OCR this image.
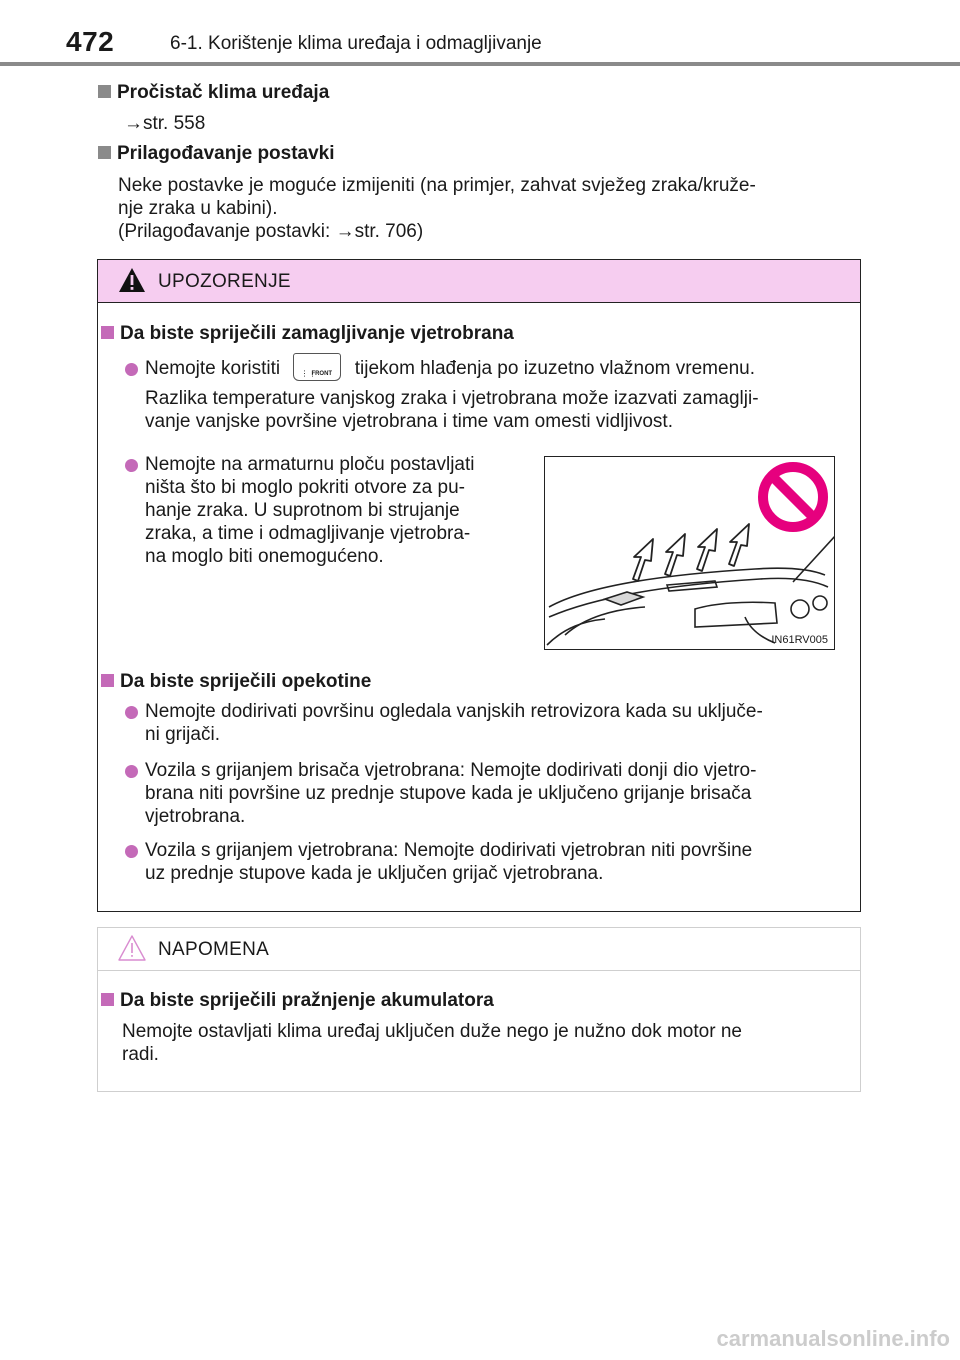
472	6-1. Korištenje klima uređaja i odmagljivanje
Pročistač klima uređaja
→str. 558
Prilagođavanje postavki
Neke postavke je moguće izmijeniti (na primjer, zahvat svježeg zraka/kruže-
nje zraka u kabini).
(Prilagođavanje postavki: →str. 706)
UPOZORENJE
Da biste spriječili zamagljivanje vjetrobrana
Nemojte koristiti	⋮⋮
FRONT tijekom hlađenja po izuzetno vlažnom vremenu.
Razlika temperature vanjskog zraka i vjetrobrana može izazvati zamaglji-
vanje vanjske površine vjetrobrana i time vam omesti vidljivost.
Nemojte na armaturnu ploču postavljati
ništa što bi moglo pokriti otvore za pu-
hanje zraka. U suprotnom bi strujanje
zraka, a time i odmagljivanje vjetrobra-
na moglo biti onemogućeno.
IN61RV005
Da biste spriječili opekotine
Nemojte dodirivati površinu ogledala vanjskih retrovizora kada su uključe-
ni grijači.
Vozila s grijanjem brisača vjetrobrana: Nemojte dodirivati donji dio vjetro-
brana niti površine uz prednje stupove kada je uključeno grijanje brisača
vjetrobrana.
Vozila s grijanjem vjetrobrana: Nemojte dodirivati vjetrobran niti površine
uz prednje stupove kada je uključen grijač vjetrobrana.
NAPOMENA
Da biste spriječili pražnjenje akumulatora
Nemojte ostavljati klima uređaj uključen duže nego je nužno dok motor ne
radi.
carmanualsonline.info
